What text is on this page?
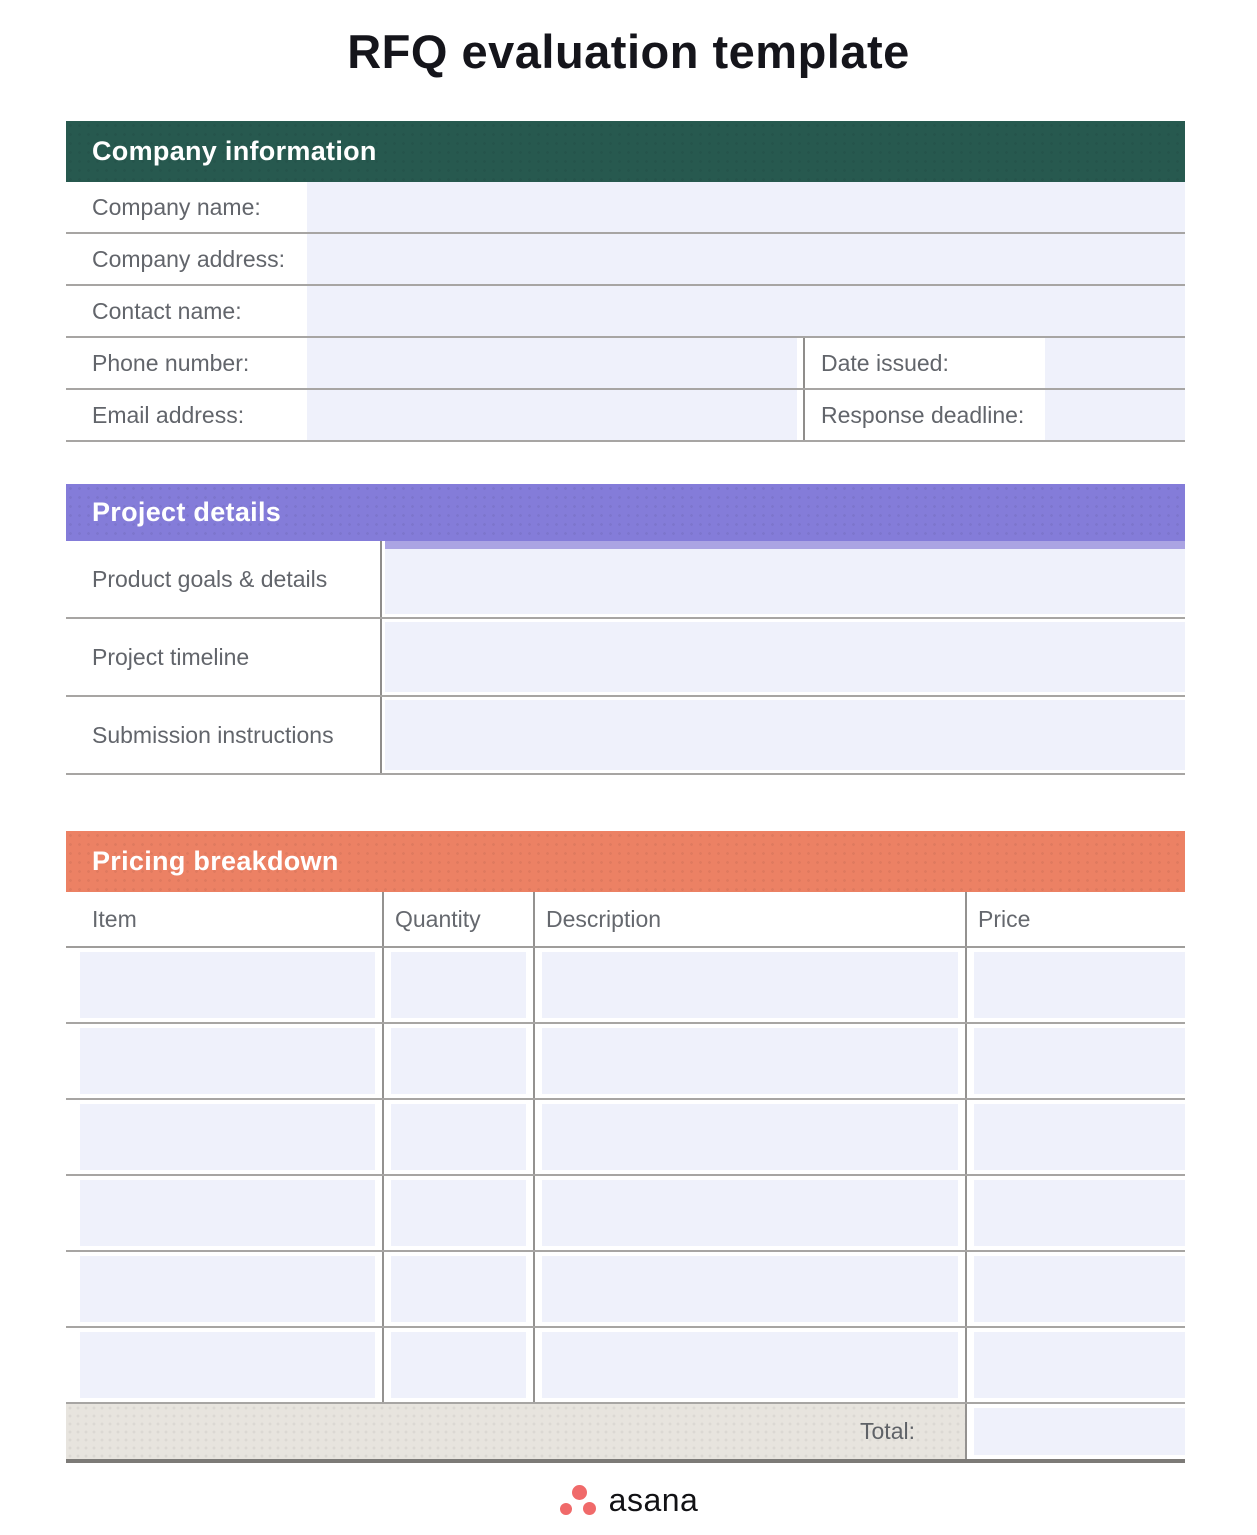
RFQ evaluation template
Company information
Company name:
Company address:
Contact name:
Phone number:	Date issued:
Email address:	Response deadline:
Project details
Product goals & details
Project timeline
Submission instructions
Pricing breakdown
Item	Quantity	Description	Price
Total:
asana
